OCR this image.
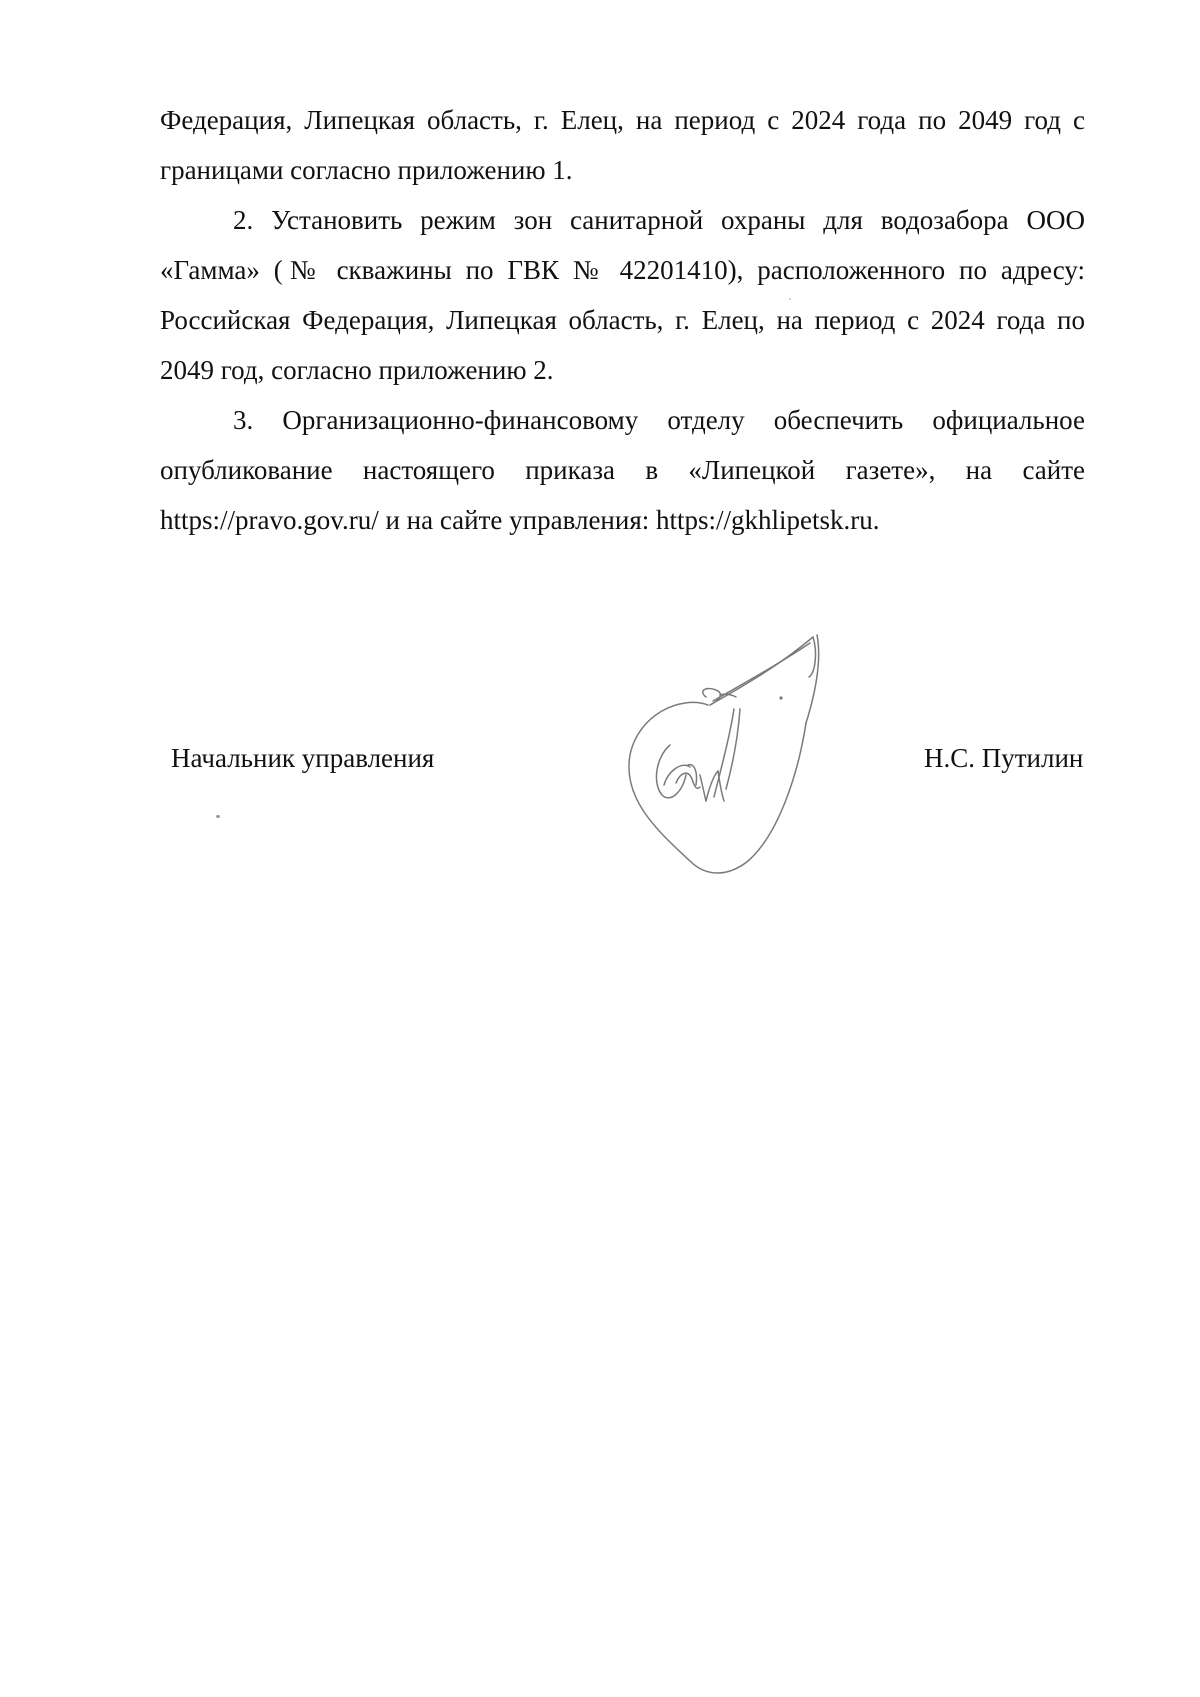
Федерация, Липецкая область, г. Елец, на период с 2024 года по 2049 год с границами согласно приложению 1.

2. Установить режим зон санитарной охраны для водозабора ООО «Гамма» (№ скважины по ГВК № 42201410), расположенного по адресу: Российская Федерация, Липецкая область, г. Елец, на период с 2024 года по 2049 год, согласно приложению 2.

3. Организационно-финансовому отделу обеспечить официальное опубликование настоящего приказа в «Липецкой газете», на сайте https://pravo.gov.ru/ и на сайте управления: https://gkhlipetsk.ru.

Начальник управления	Н.С. Путилин
